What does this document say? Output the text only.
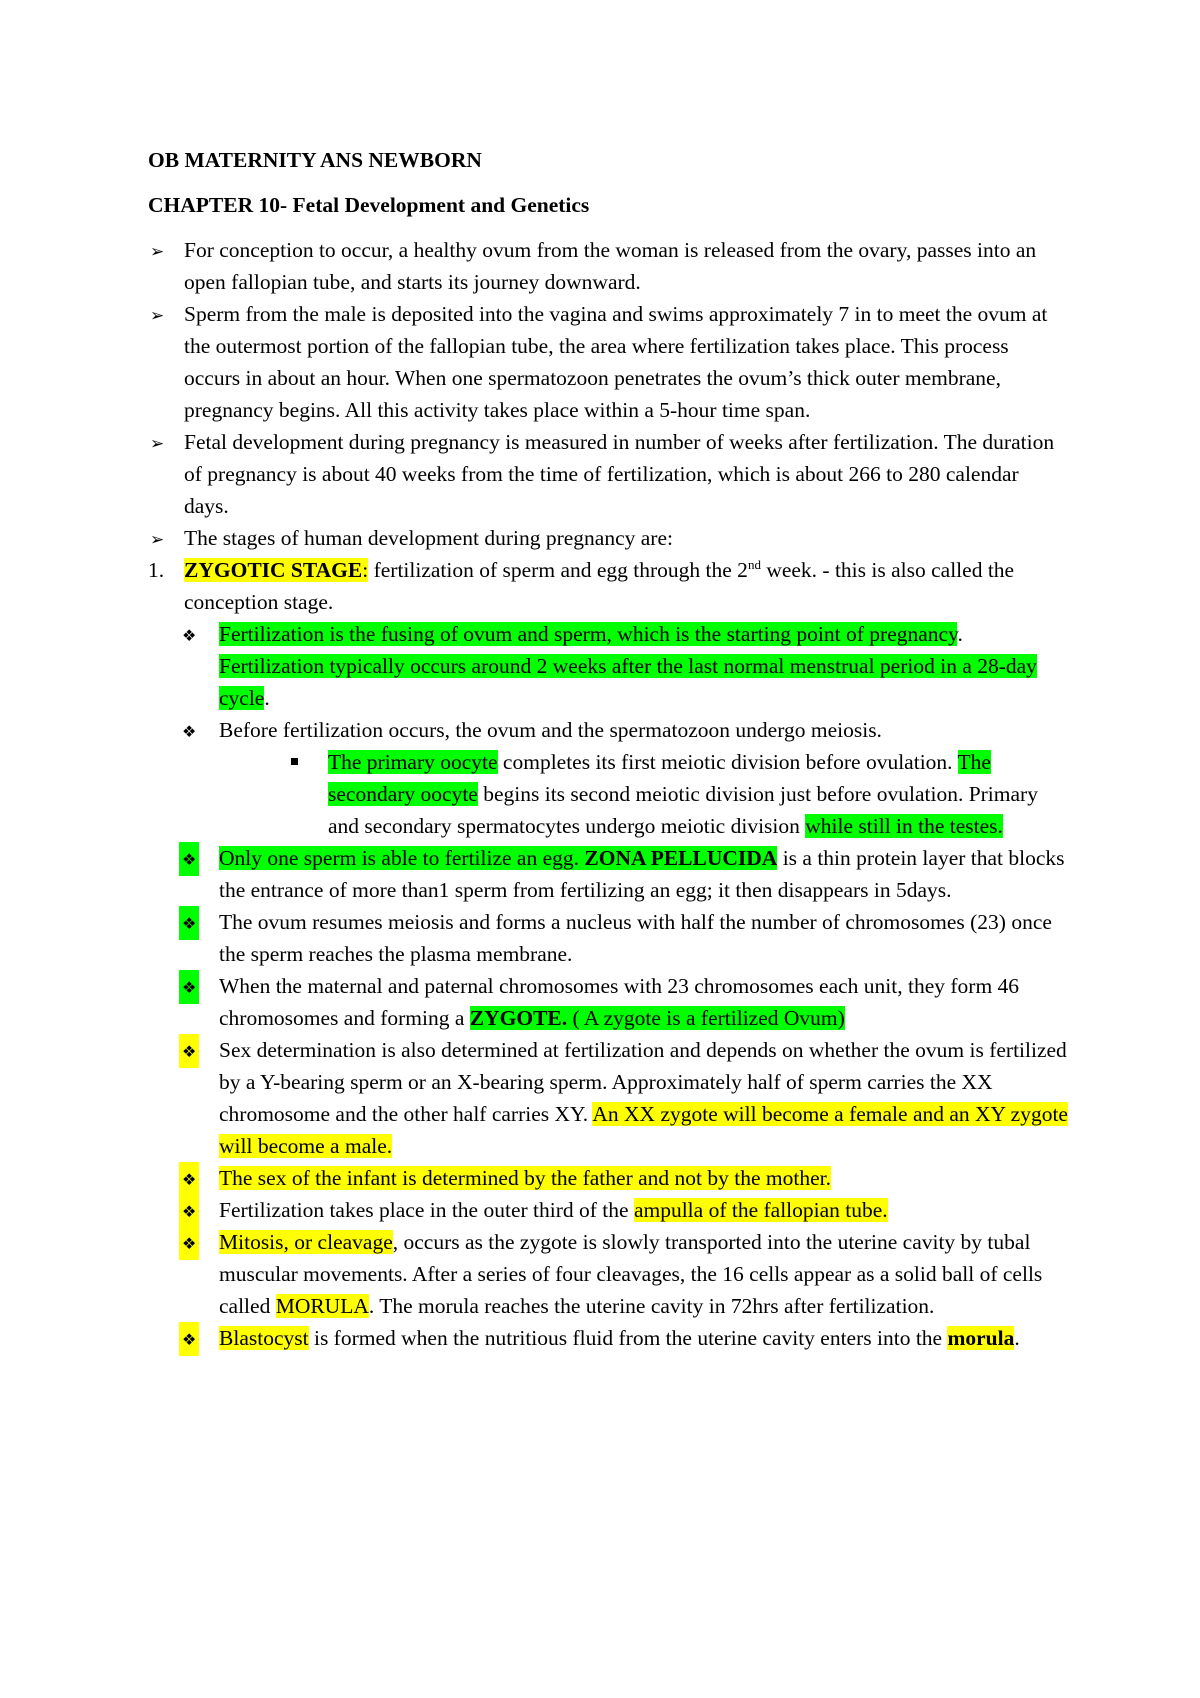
OB MATERNITY ANS NEWBORN

CHAPTER 10- Fetal Development and Genetics

➢ For conception to occur, a healthy ovum from the woman is released from the ovary, passes into an open fallopian tube, and starts its journey downward.
➢ Sperm from the male is deposited into the vagina and swims approximately 7 in to meet the ovum at the outermost portion of the fallopian tube, the area where fertilization takes place. This process occurs in about an hour. When one spermatozoon penetrates the ovum’s thick outer membrane, pregnancy begins. All this activity takes place within a 5-hour time span.
➢ Fetal development during pregnancy is measured in number of weeks after fertilization. The duration of pregnancy is about 40 weeks from the time of fertilization, which is about 266 to 280 calendar days.
➢ The stages of human development during pregnancy are:
1. ZYGOTIC STAGE: fertilization of sperm and egg through the 2nd week. - this is also called the conception stage.
❖ Fertilization is the fusing of ovum and sperm, which is the starting point of pregnancy. Fertilization typically occurs around 2 weeks after the last normal menstrual period in a 28-day cycle.
❖ Before fertilization occurs, the ovum and the spermatozoon undergo meiosis.
The primary oocyte completes its first meiotic division before ovulation. The secondary oocyte begins its second meiotic division just before ovulation. Primary and secondary spermatocytes undergo meiotic division while still in the testes.
❖ Only one sperm is able to fertilize an egg. ZONA PELLUCIDA is a thin protein layer that blocks the entrance of more than1 sperm from fertilizing an egg; it then disappears in 5days.
❖ The ovum resumes meiosis and forms a nucleus with half the number of chromosomes (23) once the sperm reaches the plasma membrane.
❖ When the maternal and paternal chromosomes with 23 chromosomes each unit, they form 46 chromosomes and forming a ZYGOTE. ( A zygote is a fertilized Ovum)
❖ Sex determination is also determined at fertilization and depends on whether the ovum is fertilized by a Y-bearing sperm or an X-bearing sperm. Approximately half of sperm carries the XX chromosome and the other half carries XY. An XX zygote will become a female and an XY zygote will become a male.
❖ The sex of the infant is determined by the father and not by the mother.
❖ Fertilization takes place in the outer third of the ampulla of the fallopian tube.
❖ Mitosis, or cleavage, occurs as the zygote is slowly transported into the uterine cavity by tubal muscular movements. After a series of four cleavages, the 16 cells appear as a solid ball of cells called MORULA. The morula reaches the uterine cavity in 72hrs after fertilization.
❖ Blastocyst is formed when the nutritious fluid from the uterine cavity enters into the morula.
